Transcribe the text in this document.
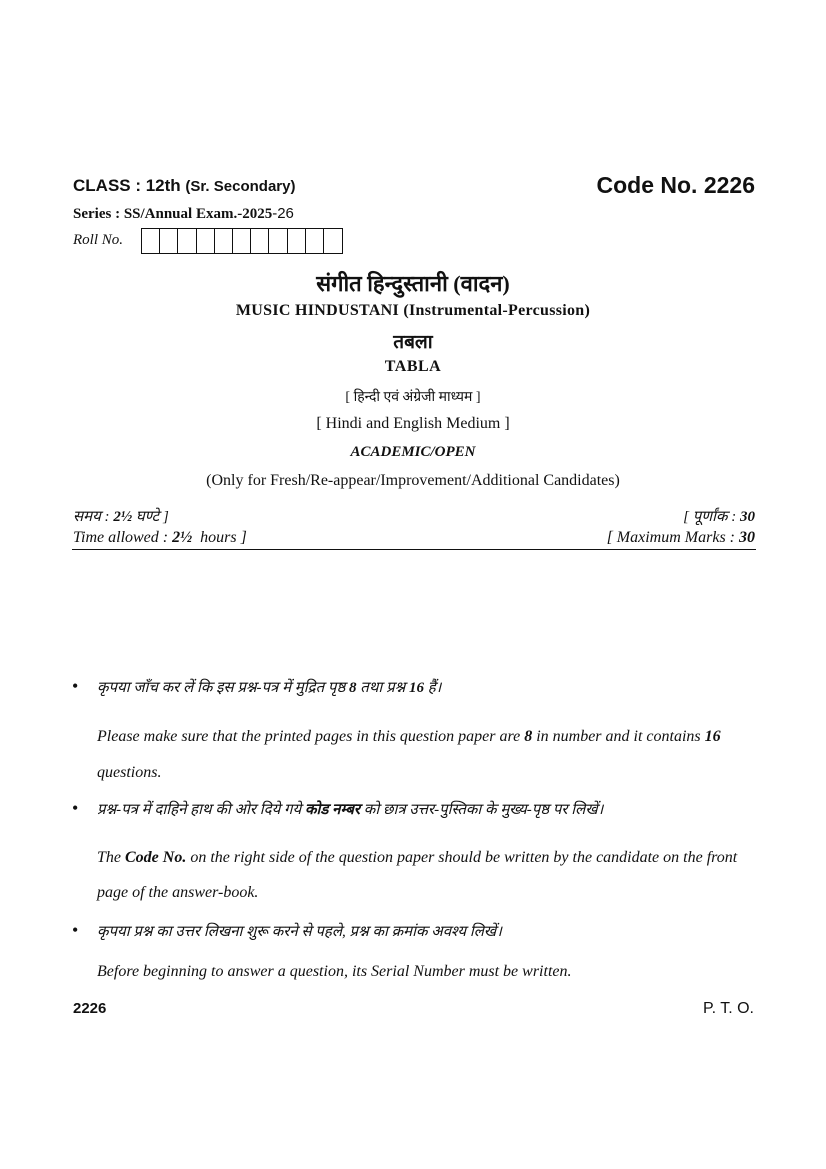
CLASS : 12th (Sr. Secondary)	Code No. 2226
Series : SS/Annual Exam.-2025-26
Roll No.
संगीत हिन्दुस्तानी (वादन)
MUSIC HINDUSTANI (Instrumental-Percussion)
तबला
TABLA
[ हिन्दी एवं अंग्रेजी माध्यम ]
[ Hindi and English Medium ]
ACADEMIC/OPEN
(Only for Fresh/Re-appear/Improvement/Additional Candidates)
समय : 2½ घण्टे ]	[ पूर्णांक : 30
Time allowed : 2½  hours ]	[ Maximum Marks : 30
• कृपया जाँच कर लें कि इस प्रश्न-पत्र में मुद्रित पृष्ठ 8 तथा प्रश्न 16 हैं।
Please make sure that the printed pages in this question paper are 8 in number and it contains 16 questions.
• प्रश्न-पत्र में दाहिने हाथ की ओर दिये गये कोड नम्बर को छात्र उत्तर-पुस्तिका के मुख्य-पृष्ठ पर लिखें।
The Code No. on the right side of the question paper should be written by the candidate on the front page of the answer-book.
• कृपया प्रश्न का उत्तर लिखना शुरू करने से पहले, प्रश्न का क्रमांक अवश्य लिखें।
Before beginning to answer a question, its Serial Number must be written.
2226	P. T. O.
